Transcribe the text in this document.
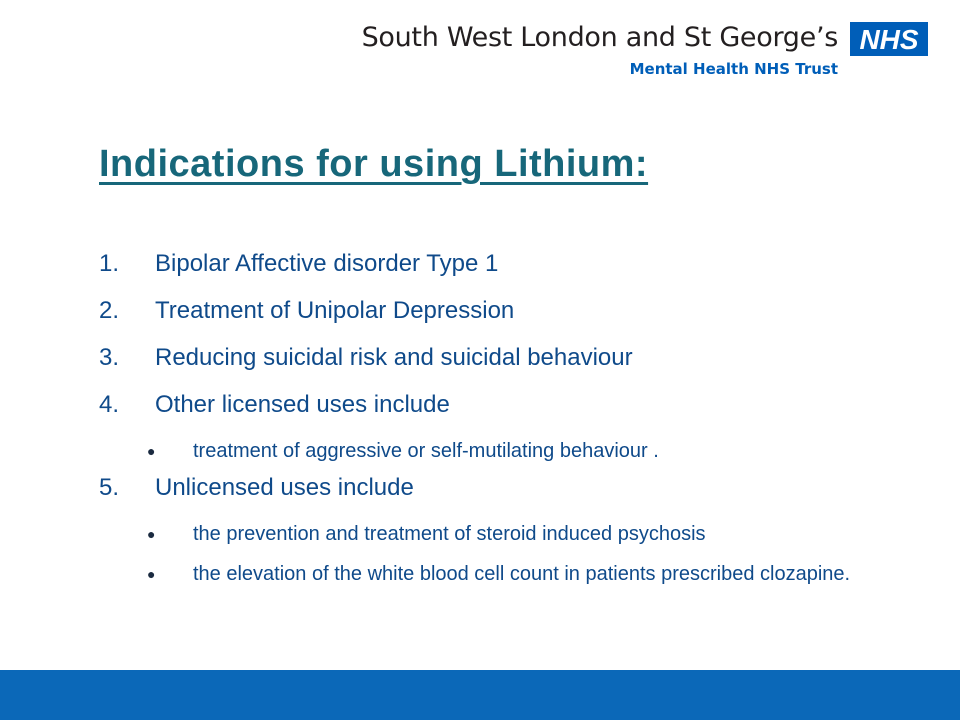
South West London and St George’s
Mental Health NHS Trust
NHS
Indications for using Lithium:
1.	Bipolar Affective disorder Type 1
2.	Treatment of Unipolar Depression
3.	Reducing suicidal risk and suicidal behaviour
4.	Other licensed uses include
●	treatment of aggressive or self-mutilating behaviour .
5.	Unlicensed uses include
●	the prevention and treatment of steroid induced psychosis
●	the elevation of the white blood cell count in patients prescribed clozapine.
